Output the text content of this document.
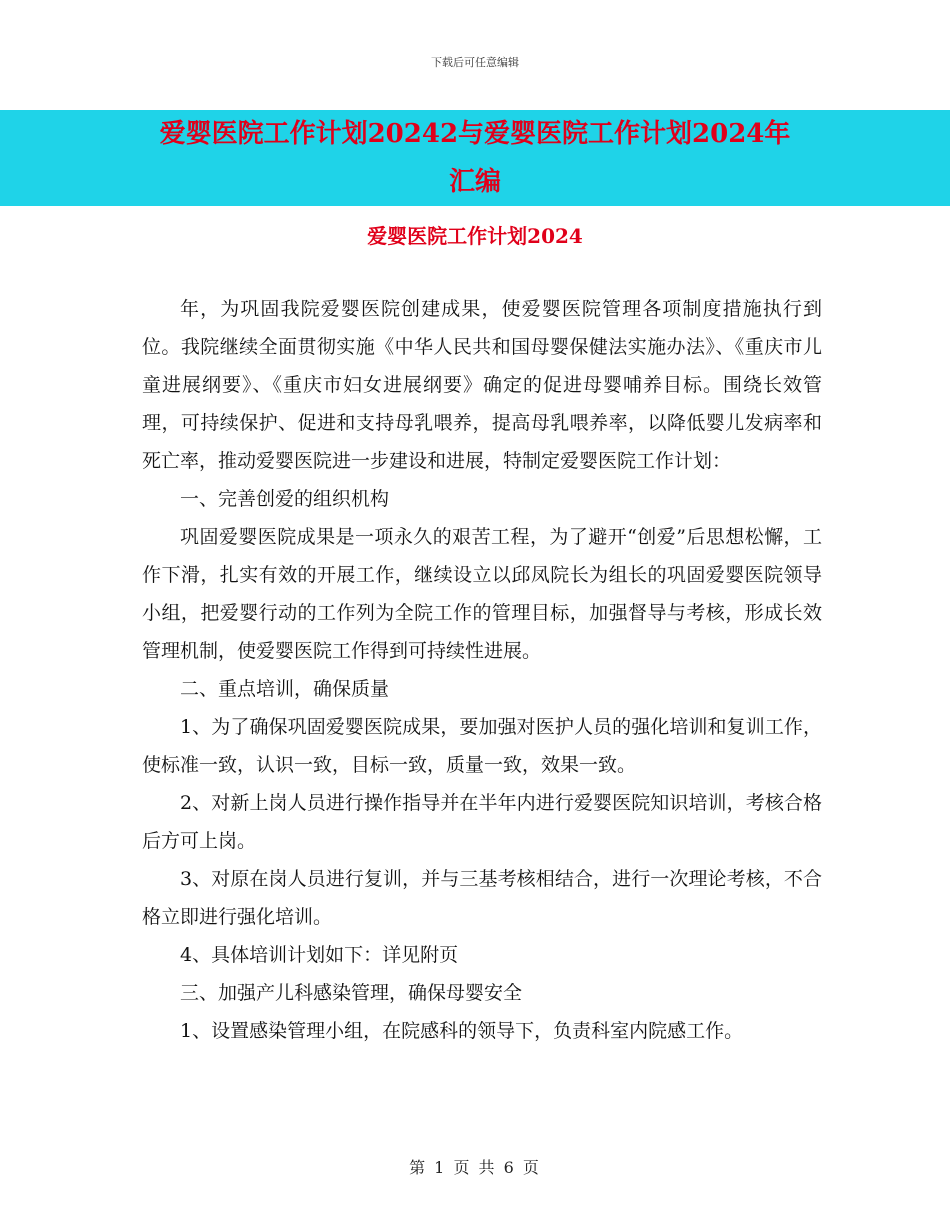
下载后可任意编辑
爱婴医院工作计划20242与爱婴医院工作计划2024年
汇编
爱婴医院工作计划2024

年，为巩固我院爱婴医院创建成果，使爱婴医院管理各项制度措施执行到位。我院继续全面贯彻实施《中华人民共和国母婴保健法实施办法》、《重庆市儿童进展纲要》、《重庆市妇女进展纲要》确定的促进母婴哺养目标。围绕长效管理，可持续保护、促进和支持母乳喂养，提高母乳喂养率，以降低婴儿发病率和死亡率，推动爱婴医院进一步建设和进展，特制定爱婴医院工作计划：

一、完善创爱的组织机构

巩固爱婴医院成果是一项永久的艰苦工程，为了避开“创爱”后思想松懈，工作下滑，扎实有效的开展工作，继续设立以邱凤院长为组长的巩固爱婴医院领导小组，把爱婴行动的工作列为全院工作的管理目标，加强督导与考核，形成长效管理机制，使爱婴医院工作得到可持续性进展。

二、重点培训，确保质量

1、为了确保巩固爱婴医院成果，要加强对医护人员的强化培训和复训工作，使标准一致，认识一致，目标一致，质量一致，效果一致。

2、对新上岗人员进行操作指导并在半年内进行爱婴医院知识培训，考核合格后方可上岗。

3、对原在岗人员进行复训，并与三基考核相结合，进行一次理论考核，不合格立即进行强化培训。

4、具体培训计划如下：详见附页

三、加强产儿科感染管理，确保母婴安全

1、设置感染管理小组，在院感科的领导下，负责科室内院感工作。

第 1 页 共 6 页
